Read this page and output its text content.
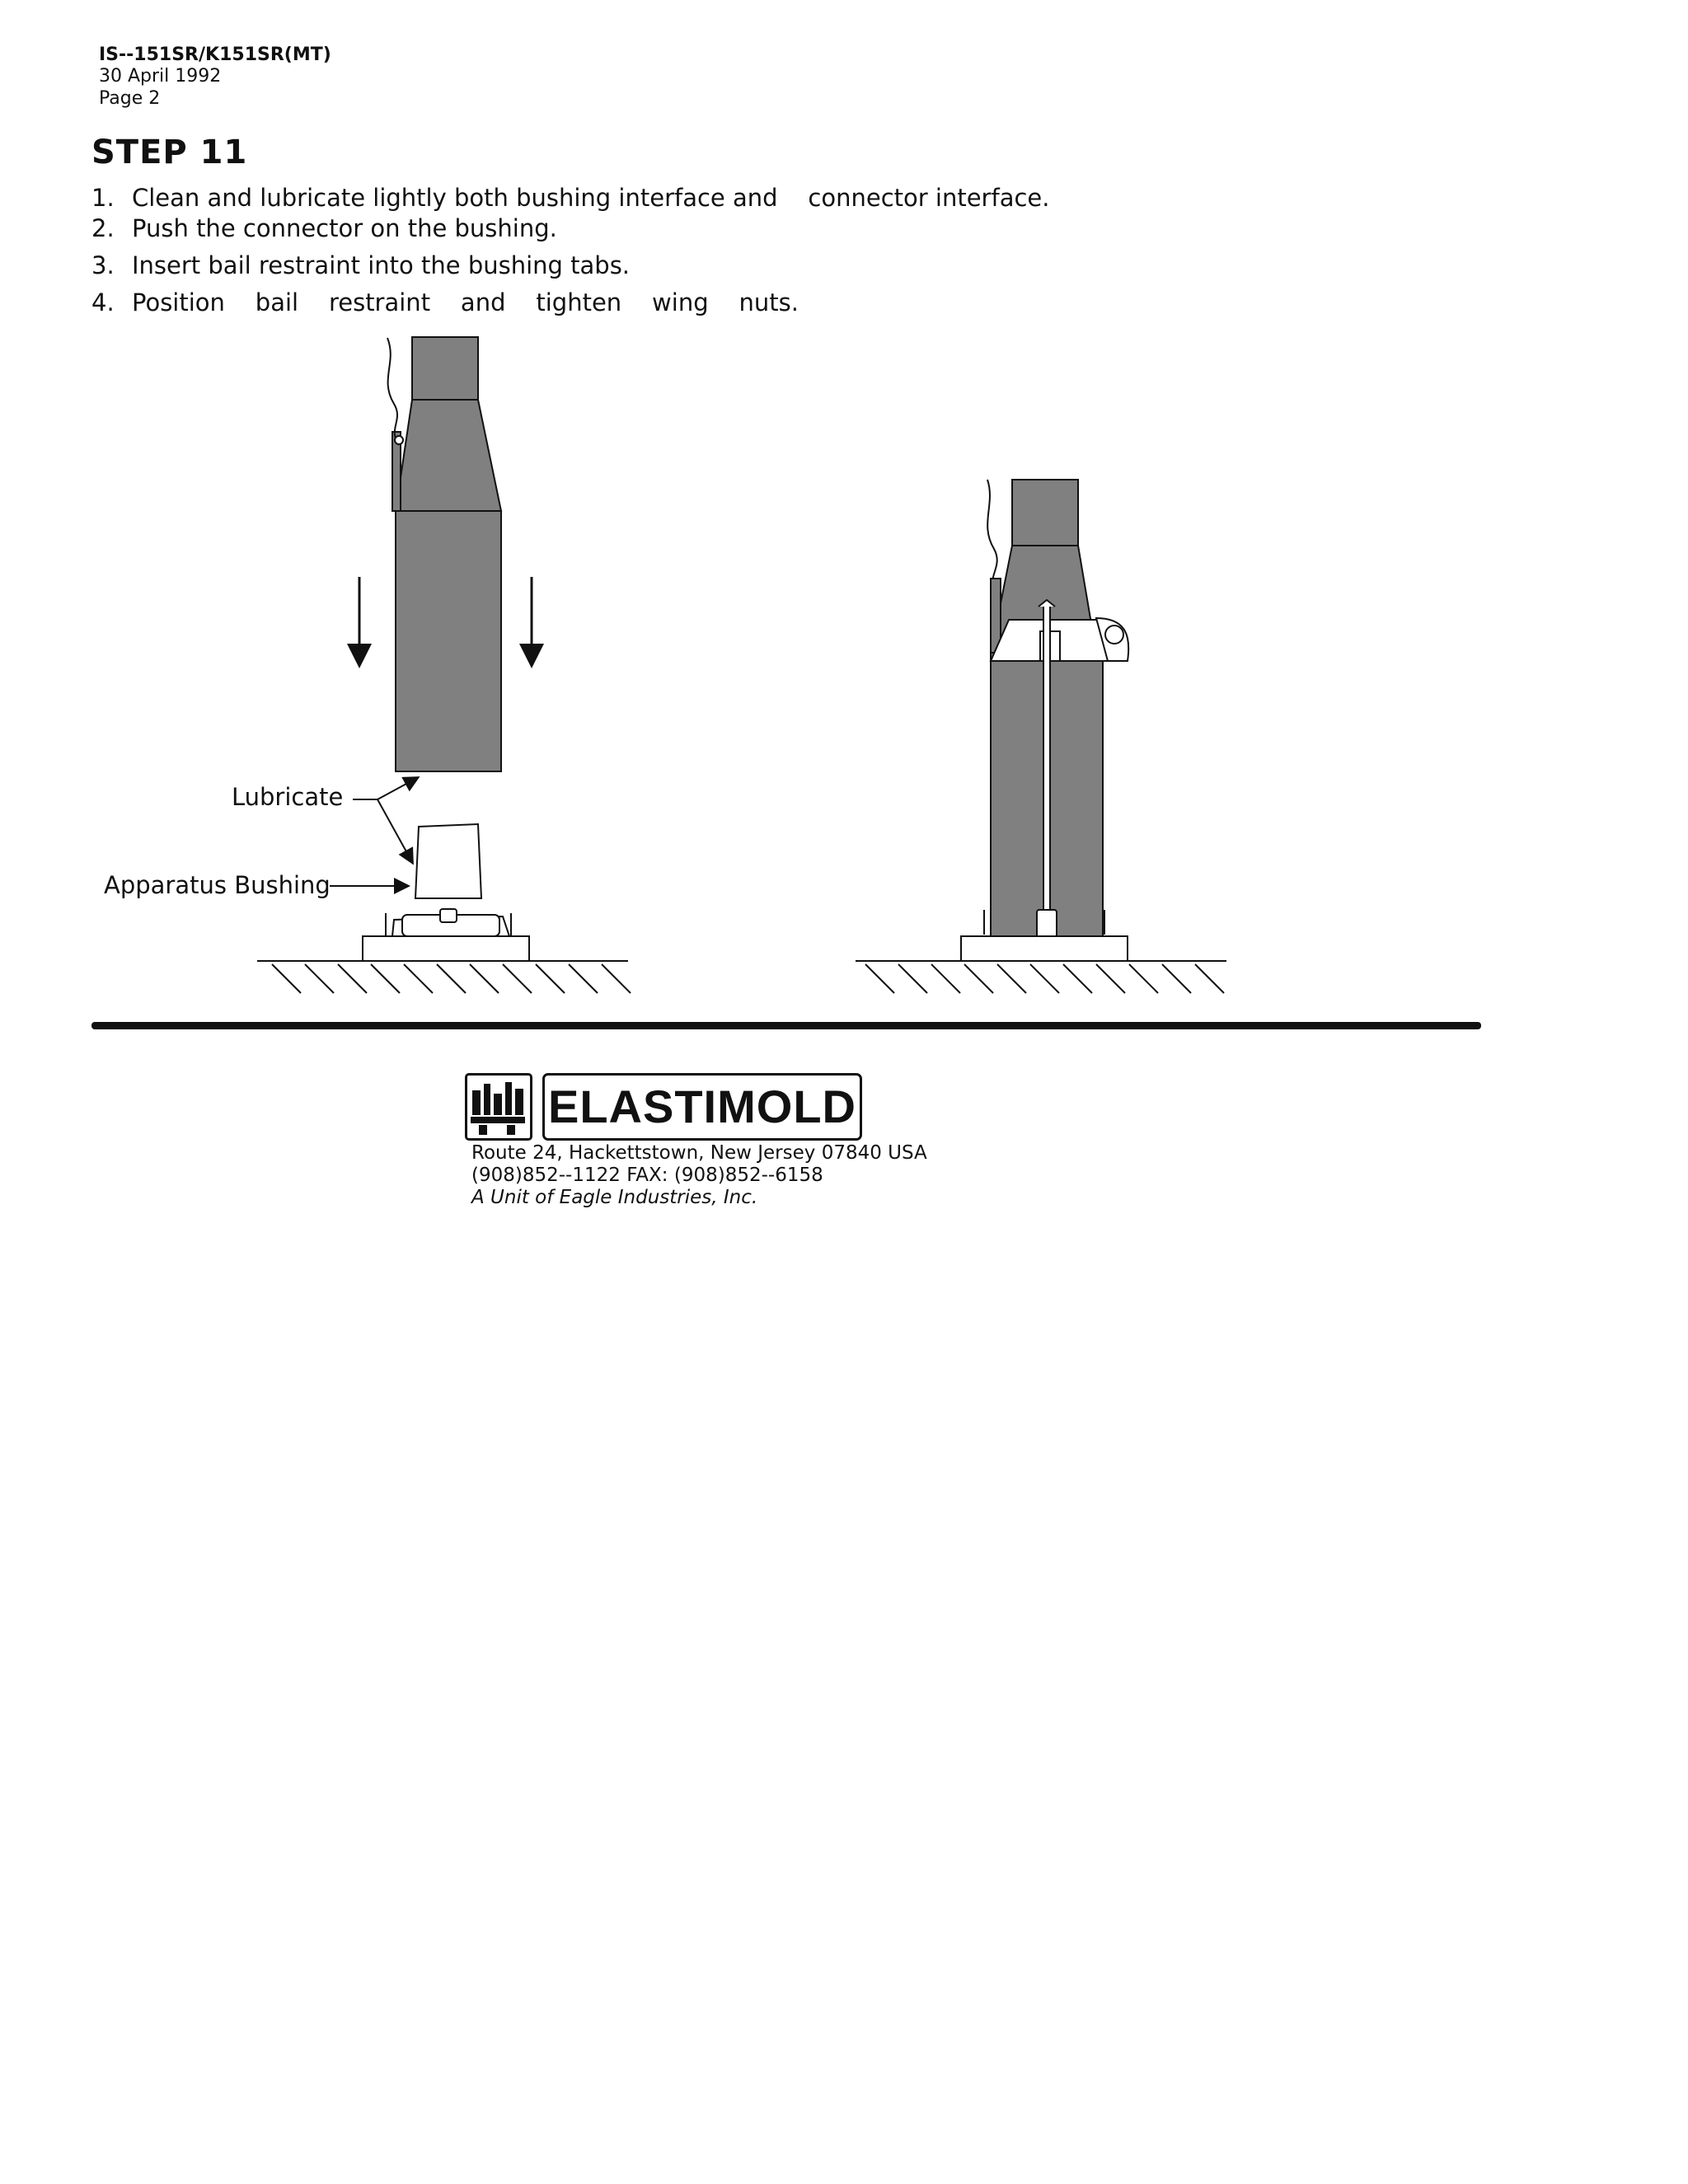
IS--151SR/K151SR(MT)
30 April 1992
Page 2
STEP 11
1. Clean and lubricate lightly both bushing interface and    connector interface.
2. Push the connector on the bushing.
3. Insert bail restraint into the bushing tabs.
4. Position    bail    restraint    and    tighten    wing    nuts.
Lubricate
Apparatus Bushing
ELASTIMOLD
Route 24, Hackettstown, New Jersey 07840 USA
(908)852--1122 FAX: (908)852--6158
A Unit of Eagle Industries, Inc.
